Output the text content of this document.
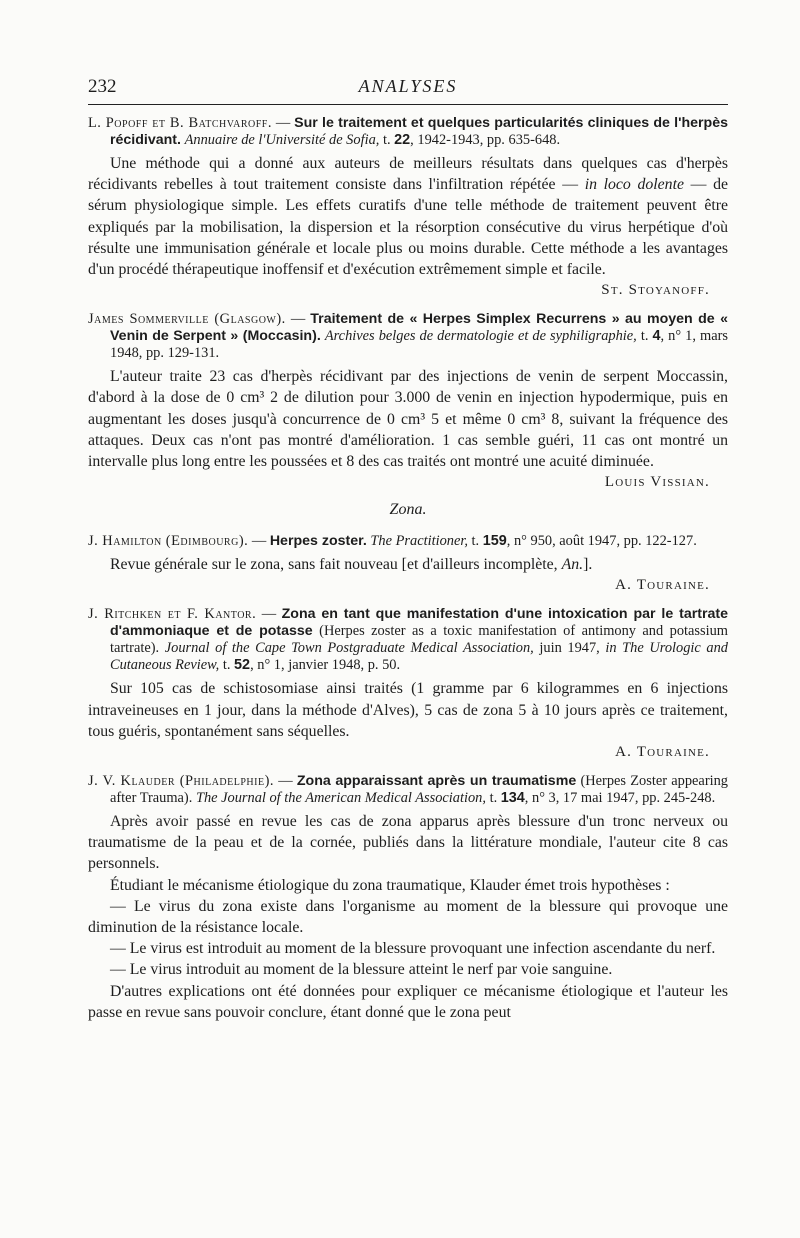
232	ANALYSES
L. Popoff et B. Batchvaroff. — Sur le traitement et quelques particularités cliniques de l'herpès récidivant. Annuaire de l'Université de Sofia, t. 22, 1942-1943, pp. 635-648.

Une méthode qui a donné aux auteurs de meilleurs résultats dans quelques cas d'herpès récidivants rebelles à tout traitement consiste dans l'infiltration répétée — in loco dolente — de sérum physiologique simple. Les effets curatifs d'une telle méthode de traitement peuvent être expliqués par la mobilisation, la dispersion et la résorption consécutive du virus herpétique d'où résulte une immunisation générale et locale plus ou moins durable. Cette méthode a les avantages d'un procédé thérapeutique inoffensif et d'exécution extrêmement simple et facile.

St. Stoyanoff.
James Sommerville (Glasgow). — Traitement de « Herpes Simplex Recurrens » au moyen de « Venin de Serpent » (Moccasin). Archives belges de dermatologie et de syphiligraphie, t. 4, n° 1, mars 1948, pp. 129-131.

L'auteur traite 23 cas d'herpès récidivant par des injections de venin de serpent Moccassin, d'abord à la dose de 0 cm³ 2 de dilution pour 3.000 de venin en injection hypodermique, puis en augmentant les doses jusqu'à concurrence de 0 cm³ 5 et même 0 cm³ 8, suivant la fréquence des attaques. Deux cas n'ont pas montré d'amélioration. 1 cas semble guéri, 11 cas ont montré un intervalle plus long entre les poussées et 8 des cas traités ont montré une acuité diminuée.

Louis Vissian.
Zona.
J. Hamilton (Edimbourg). — Herpes zoster. The Practitioner, t. 159, n° 950, août 1947, pp. 122-127.

Revue générale sur le zona, sans fait nouveau [et d'ailleurs incomplète, An.].

A. Touraine.
J. Ritchken et F. Kantor. — Zona en tant que manifestation d'une intoxication par le tartrate d'ammoniaque et de potasse (Herpes zoster as a toxic manifestation of antimony and potassium tartrate). Journal of the Cape Town Postgraduate Medical Association, juin 1947, in The Urologic and Cutaneous Review, t. 52, n° 1, janvier 1948, p. 50.

Sur 105 cas de schistosomiase ainsi traités (1 gramme par 6 kilogrammes en 6 injections intraveineuses en 1 jour, dans la méthode d'Alves), 5 cas de zona 5 à 10 jours après ce traitement, tous guéris, spontanément sans séquelles.

A. Touraine.
J. V. Klauder (Philadelphie). — Zona apparaissant après un traumatisme (Herpes Zoster appearing after Trauma). The Journal of the American Medical Association, t. 134, n° 3, 17 mai 1947, pp. 245-248.

Après avoir passé en revue les cas de zona apparus après blessure d'un tronc nerveux ou traumatisme de la peau et de la cornée, publiés dans la littérature mondiale, l'auteur cite 8 cas personnels.

Étudiant le mécanisme étiologique du zona traumatique, Klauder émet trois hypothèses :

— Le virus du zona existe dans l'organisme au moment de la blessure qui provoque une diminution de la résistance locale.

— Le virus est introduit au moment de la blessure provoquant une infection ascendante du nerf.

— Le virus introduit au moment de la blessure atteint le nerf par voie sanguine.

D'autres explications ont été données pour expliquer ce mécanisme étiologique et l'auteur les passe en revue sans pouvoir conclure, étant donné que le zona peut
